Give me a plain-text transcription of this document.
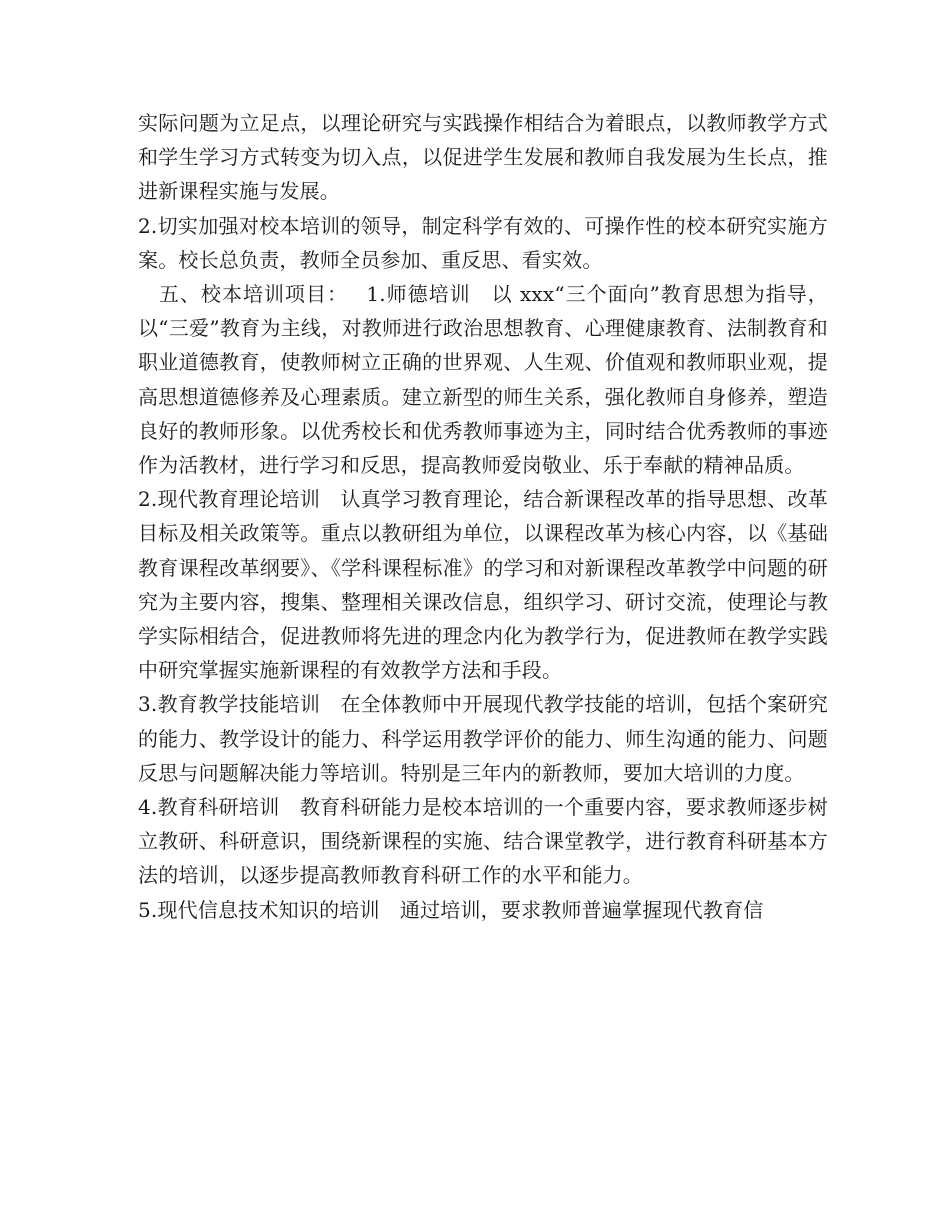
实际问题为立足点，以理论研究与实践操作相结合为着眼点，以教师教学方式和学生学习方式转变为切入点，以促进学生发展和教师自我发展为生长点，推进新课程实施与发展。

2.切实加强对校本培训的领导，制定科学有效的、可操作性的校本研究实施方案。校长总负责，教师全员参加、重反思、看实效。

　五、校本培训项目：　 1.师德培训　以 xxx“三个面向”教育思想为指导，以“三爱”教育为主线，对教师进行政治思想教育、心理健康教育、法制教育和职业道德教育，使教师树立正确的世界观、人生观、价值观和教师职业观，提高思想道德修养及心理素质。建立新型的师生关系，强化教师自身修养，塑造良好的教师形象。以优秀校长和优秀教师事迹为主，同时结合优秀教师的事迹作为活教材，进行学习和反思，提高教师爱岗敬业、乐于奉献的精神品质。

2.现代教育理论培训　认真学习教育理论，结合新课程改革的指导思想、改革目标及相关政策等。重点以教研组为单位，以课程改革为核心内容，以《基础教育课程改革纲要》、《学科课程标准》的学习和对新课程改革教学中问题的研究为主要内容，搜集、整理相关课改信息，组织学习、研讨交流，使理论与教学实际相结合，促进教师将先进的理念内化为教学行为，促进教师在教学实践中研究掌握实施新课程的有效教学方法和手段。

3.教育教学技能培训　在全体教师中开展现代教学技能的培训，包括个案研究的能力、教学设计的能力、科学运用教学评价的能力、师生沟通的能力、问题反思与问题解决能力等培训。特别是三年内的新教师，要加大培训的力度。

4.教育科研培训　教育科研能力是校本培训的一个重要内容，要求教师逐步树立教研、科研意识，围绕新课程的实施、结合课堂教学，进行教育科研基本方法的培训，以逐步提高教师教育科研工作的水平和能力。

5.现代信息技术知识的培训　通过培训，要求教师普遍掌握现代教育信
